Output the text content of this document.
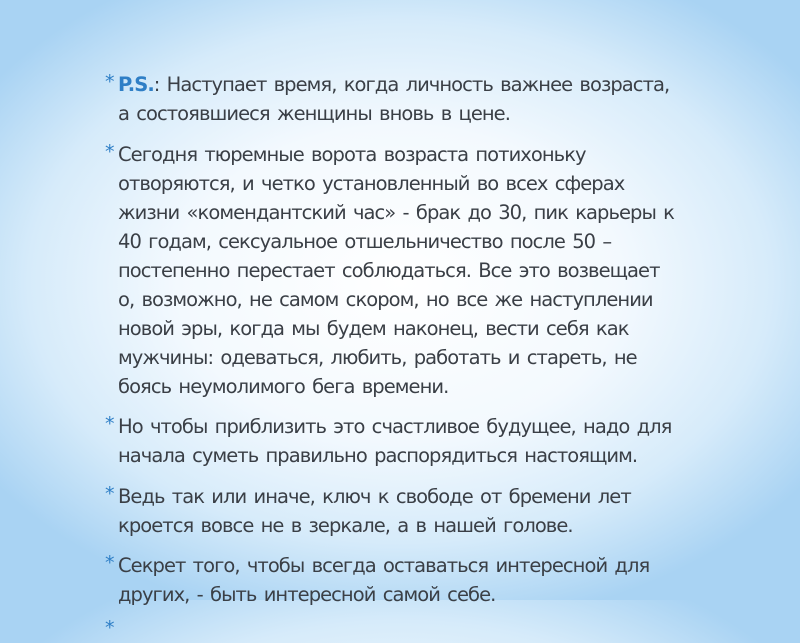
* P.S.: Наступает время, когда личность важнее возраста, а состоявшиеся женщины вновь в цене.
* Сегодня тюремные ворота возраста потихоньку отворяются, и четко установленный во всех сферах жизни «комендантский час» - брак до 30, пик карьеры к 40 годам, сексуальное отшельничество после 50 – постепенно перестает соблюдаться. Все это возвещает о, возможно, не самом скором, но все же наступлении новой эры, когда мы будем наконец, вести себя как мужчины: одеваться, любить, работать и стареть, не боясь неумолимого бега времени.
* Но чтобы приблизить это счастливое будущее, надо для начала суметь правильно распорядиться настоящим.
* Ведь так или иначе, ключ к свободе от бремени лет кроется вовсе не в зеркале, а в нашей голове.
* Секрет того, чтобы всегда оставаться интересной для других, - быть интересной самой себе.
*
